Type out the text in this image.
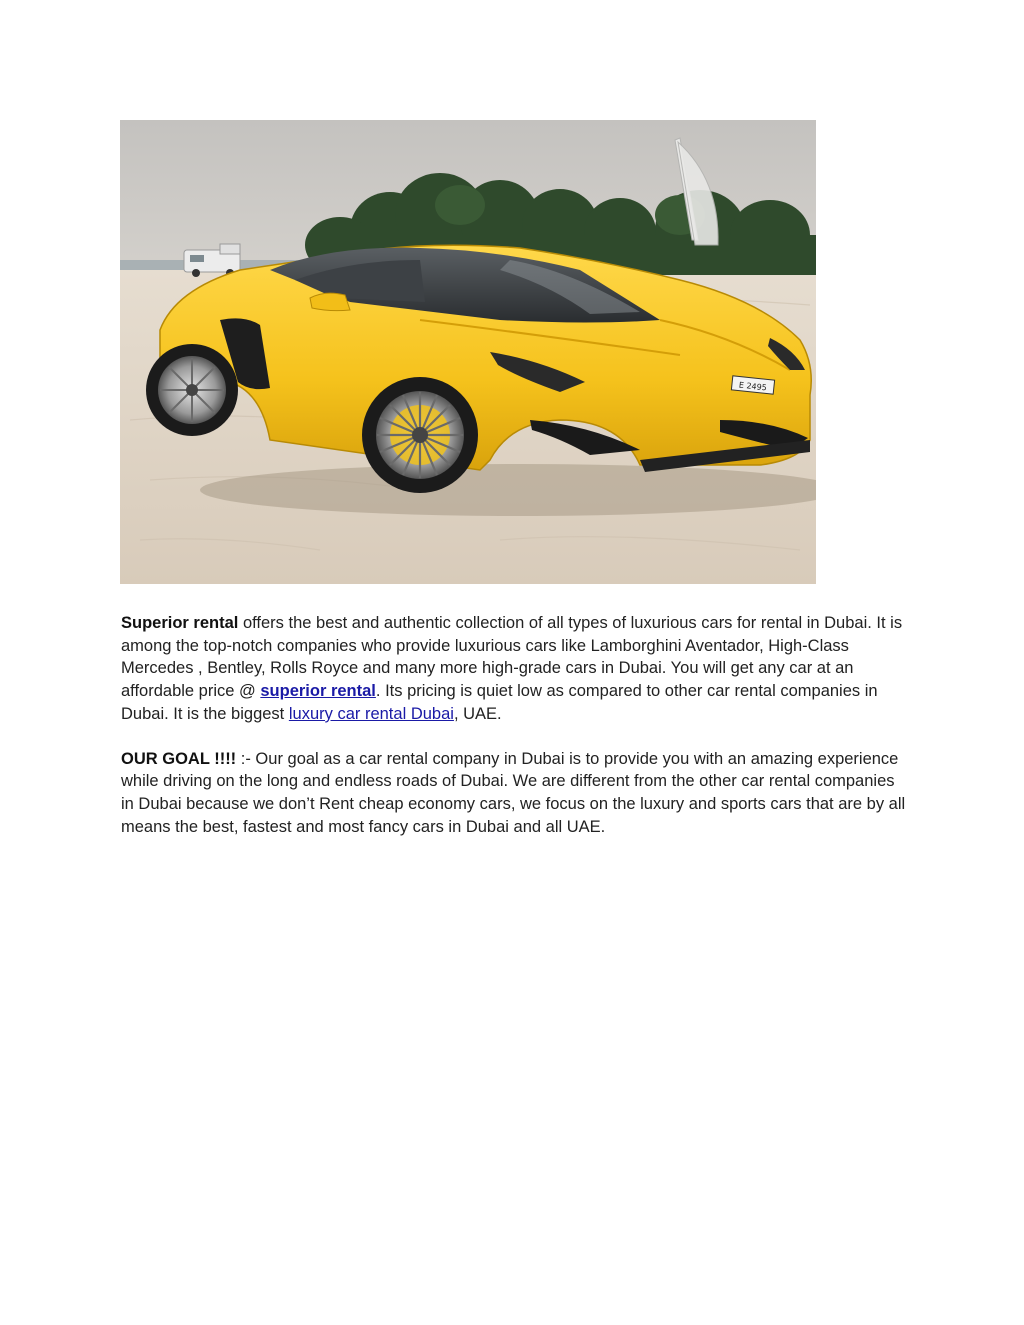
E 2495

Superior rental offers the best and authentic collection of all types of luxurious cars for rental in Dubai. It is among the top-notch companies who provide luxurious cars like Lamborghini Aventador, High-Class Mercedes , Bentley, Rolls Royce and many more high-grade cars in Dubai. You will get any car at an affordable price @ superior rental. Its pricing is quiet low as compared to other car rental companies in Dubai. It is the biggest luxury car rental Dubai, UAE.

OUR GOAL !!!! :- Our goal as a car rental company in Dubai is to provide you with an amazing experience while driving on the long and endless roads of Dubai. We are different from the other car rental companies in Dubai because we don’t Rent cheap economy cars, we focus on the luxury and sports cars that are by all means the best, fastest and most fancy cars in Dubai and all UAE.
